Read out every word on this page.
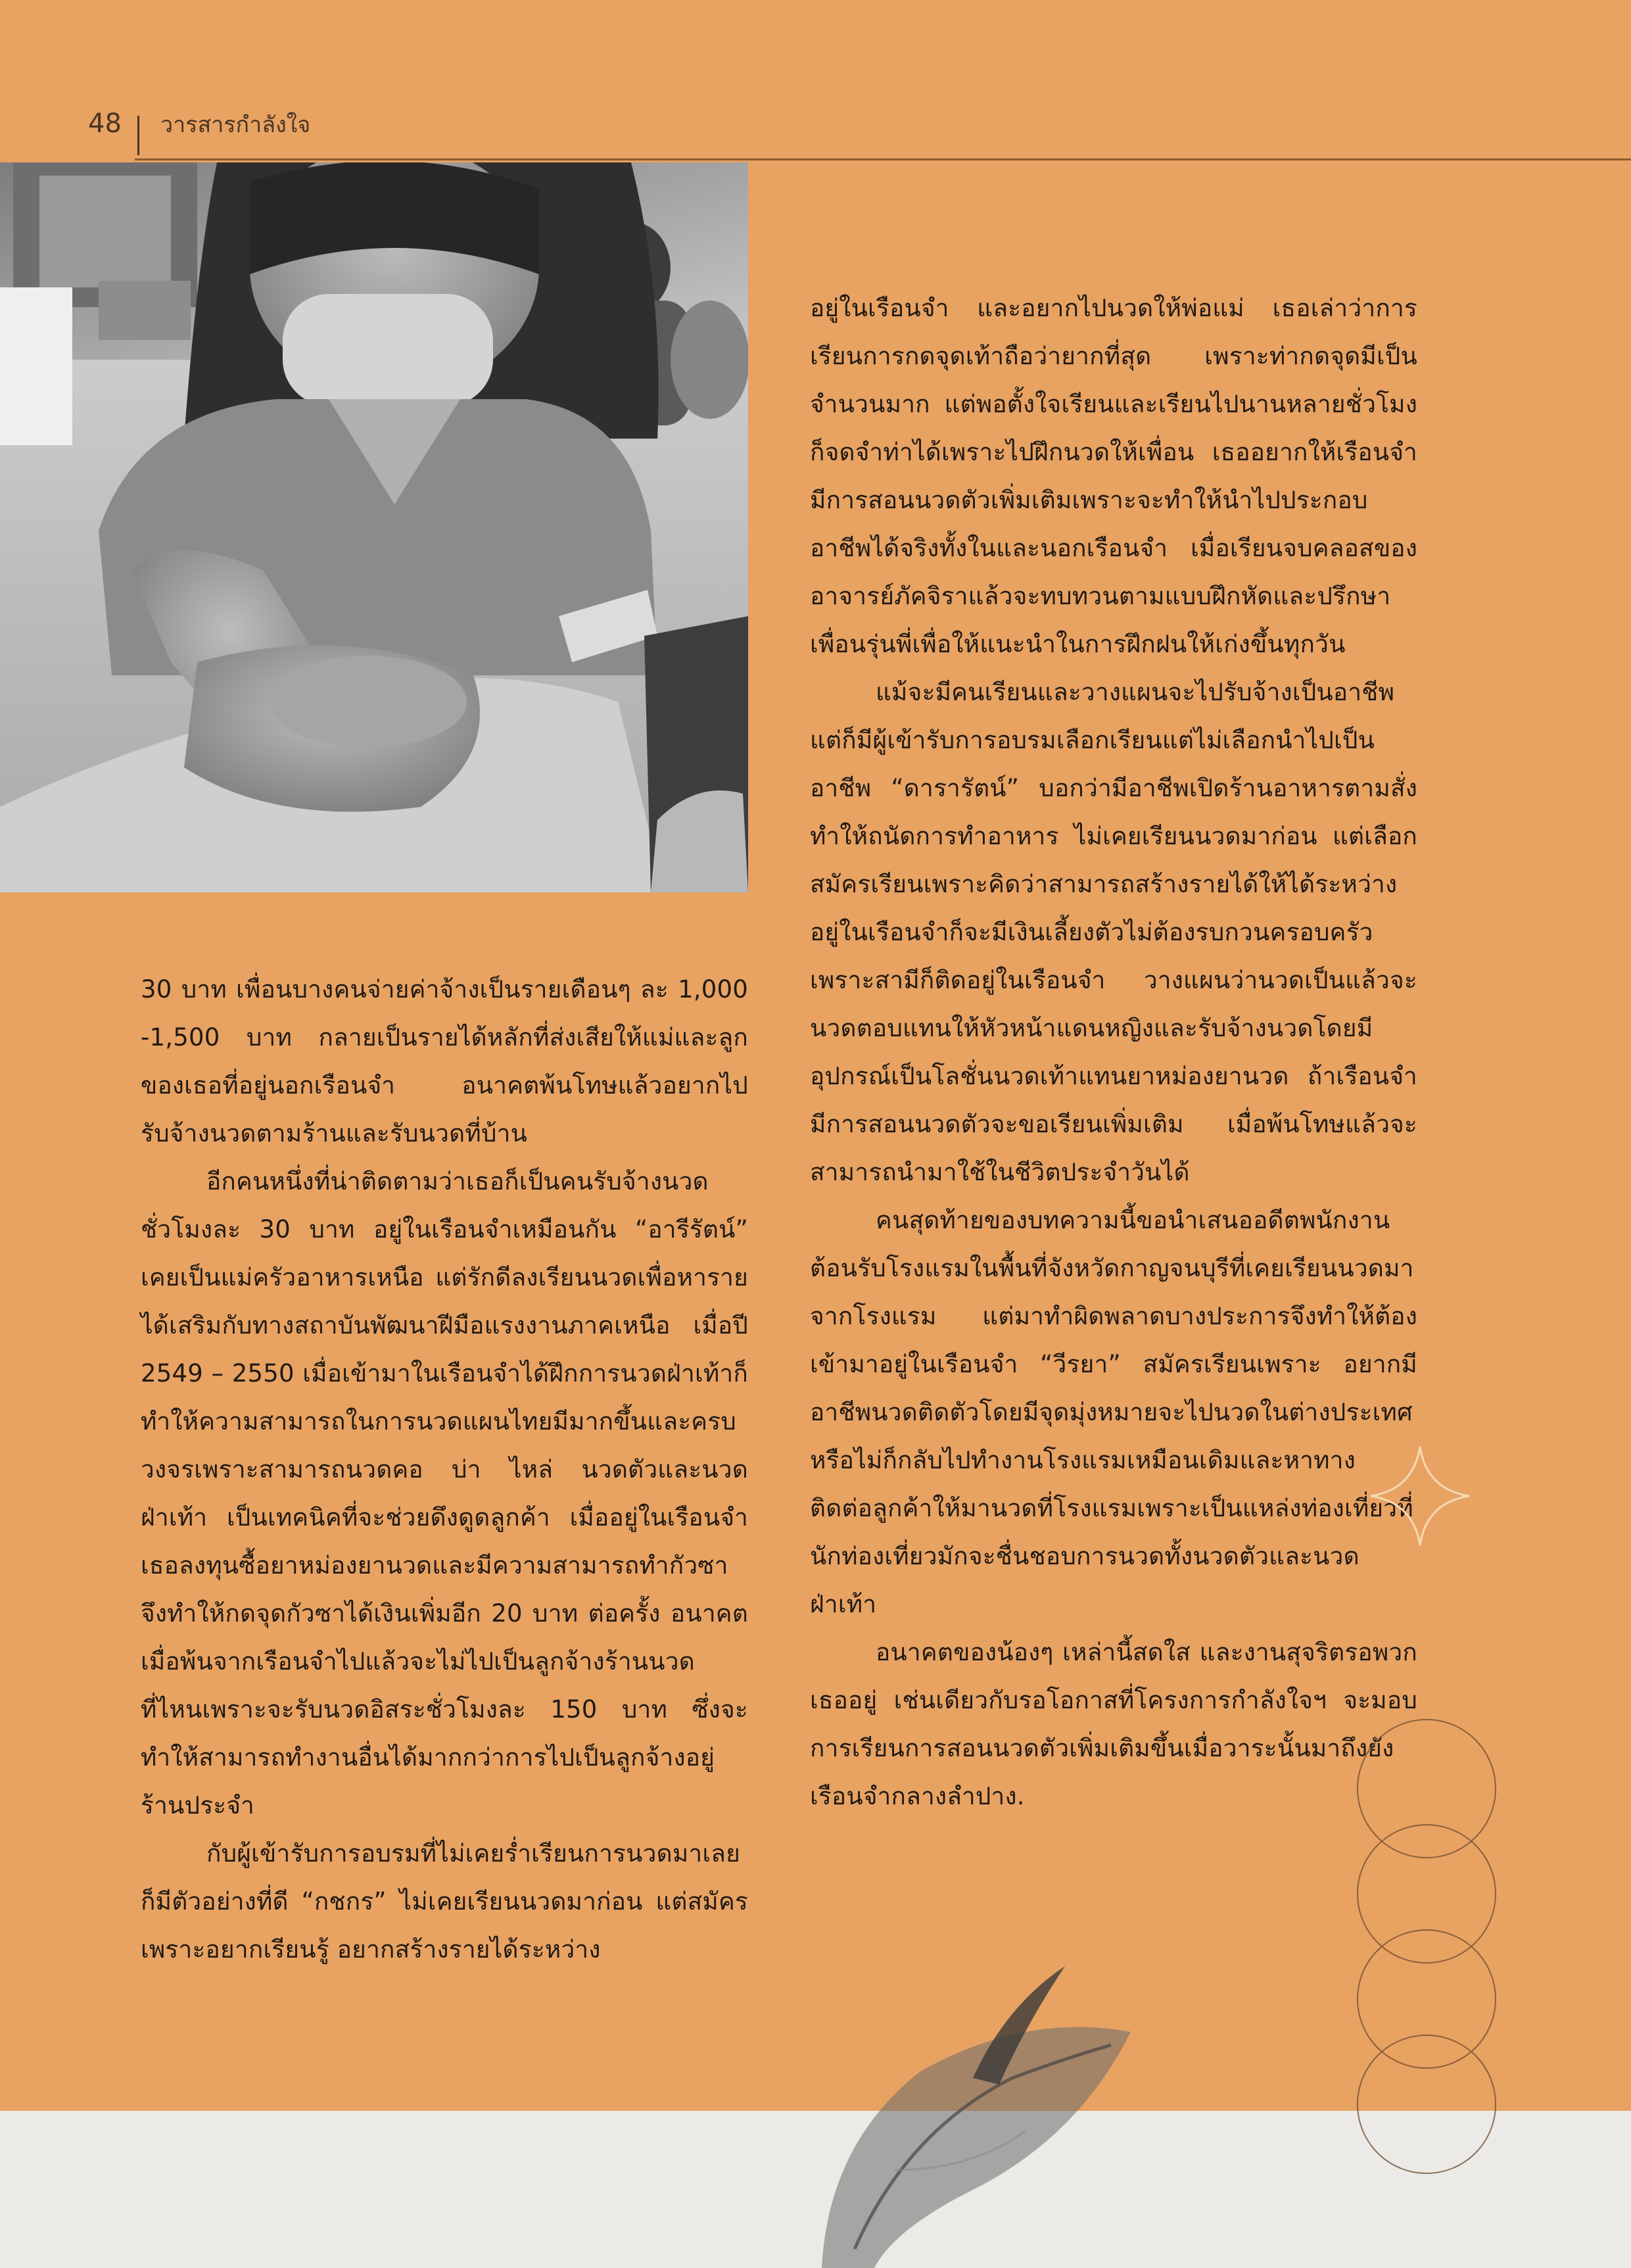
48	วารสารกำลังใจ

30 บาท เพื่อนบางคนจ่ายค่าจ้างเป็นรายเดือนๆ ละ 1,000 -1,500 บาท กลายเป็นรายได้หลักที่ส่งเสียให้แม่และลูกของเธอที่อยู่นอกเรือนจำ อนาคตพ้นโทษแล้วอยากไปรับจ้างนวดตามร้านและรับนวดที่บ้าน

อีกคนหนึ่งที่น่าติดตามว่าเธอก็เป็นคนรับจ้างนวดชั่วโมงละ 30 บาท อยู่ในเรือนจำเหมือนกัน “อารีรัตน์” เคยเป็นแม่ครัวอาหารเหนือ แต่รักดีลงเรียนนวดเพื่อหารายได้เสริมกับทางสถาบันพัฒนาฝีมือแรงงานภาคเหนือ เมื่อปี 2549 – 2550 เมื่อเข้ามาในเรือนจำได้ฝึกการนวดฝ่าเท้าก็ทำให้ความสามารถในการนวดแผนไทยมีมากขึ้นและครบวงจรเพราะสามารถนวดคอ บ่า ไหล่ นวดตัวและนวดฝ่าเท้า เป็นเทคนิคที่จะช่วยดึงดูดลูกค้า เมื่ออยู่ในเรือนจำเธอลงทุนซื้อยาหม่องยานวดและมีความสามารถทำกัวซาจึงทำให้กดจุดกัวซาได้เงินเพิ่มอีก 20 บาท ต่อครั้ง อนาคตเมื่อพ้นจากเรือนจำไปแล้วจะไม่ไปเป็นลูกจ้างร้านนวดที่ไหนเพราะจะรับนวดอิสระชั่วโมงละ 150 บาท ซึ่งจะทำให้สามารถทำงานอื่นได้มากกว่าการไปเป็นลูกจ้างอยู่ร้านประจำ

กับผู้เข้ารับการอบรมที่ไม่เคยร่ำเรียนการนวดมาเลยก็มีตัวอย่างที่ดี “กชกร” ไม่เคยเรียนนวดมาก่อน แต่สมัครเพราะอยากเรียนรู้ อยากสร้างรายได้ระหว่าง

อยู่ในเรือนจำ และอยากไปนวดให้พ่อแม่ เธอเล่าว่าการเรียนการกดจุดเท้าถือว่ายากที่สุด เพราะท่ากดจุดมีเป็นจำนวนมาก แต่พอตั้งใจเรียนและเรียนไปนานหลายชั่วโมงก็จดจำท่าได้เพราะไปฝึกนวดให้เพื่อน เธออยากให้เรือนจำมีการสอนนวดตัวเพิ่มเติมเพราะจะทำให้นำไปประกอบอาชีพได้จริงทั้งในและนอกเรือนจำ เมื่อเรียนจบคลอสของอาจารย์ภัคจิราแล้วจะทบทวนตามแบบฝึกหัดและปรึกษาเพื่อนรุ่นพี่เพื่อให้แนะนำในการฝึกฝนให้เก่งขึ้นทุกวัน

แม้จะมีคนเรียนและวางแผนจะไปรับจ้างเป็นอาชีพ แต่ก็มีผู้เข้ารับการอบรมเลือกเรียนแต่ไม่เลือกนำไปเป็นอาชีพ “ดารารัตน์” บอกว่ามีอาชีพเปิดร้านอาหารตามสั่งทำให้ถนัดการทำอาหาร ไม่เคยเรียนนวดมาก่อน แต่เลือกสมัครเรียนเพราะคิดว่าสามารถสร้างรายได้ให้ได้ระหว่างอยู่ในเรือนจำก็จะมีเงินเลี้ยงตัวไม่ต้องรบกวนครอบครัวเพราะสามีก็ติดอยู่ในเรือนจำ วางแผนว่านวดเป็นแล้วจะนวดตอบแทนให้หัวหน้าแดนหญิงและรับจ้างนวดโดยมีอุปกรณ์เป็นโลชั่นนวดเท้าแทนยาหม่องยานวด ถ้าเรือนจำมีการสอนนวดตัวจะขอเรียนเพิ่มเติม เมื่อพ้นโทษแล้วจะสามารถนำมาใช้ในชีวิตประจำวันได้

คนสุดท้ายของบทความนี้ขอนำเสนออดีตพนักงานต้อนรับโรงแรมในพื้นที่จังหวัดกาญจนบุรีที่เคยเรียนนวดมาจากโรงแรม แต่มาทำผิดพลาดบางประการจึงทำให้ต้องเข้ามาอยู่ในเรือนจำ “วีรยา” สมัครเรียนเพราะ อยากมีอาชีพนวดติดตัวโดยมีจุดมุ่งหมายจะไปนวดในต่างประเทศ หรือไม่ก็กลับไปทำงานโรงแรมเหมือนเดิมและหาทางติดต่อลูกค้าให้มานวดที่โรงแรมเพราะเป็นแหล่งท่องเที่ยวที่นักท่องเที่ยวมักจะชื่นชอบการนวดทั้งนวดตัวและนวดฝ่าเท้า

อนาคตของน้องๆ เหล่านี้สดใส และงานสุจริตรอพวกเธออยู่ เช่นเดียวกับรอโอกาสที่โครงการกำลังใจฯ จะมอบการเรียนการสอนนวดตัวเพิ่มเติมขึ้นเมื่อวาระนั้นมาถึงยังเรือนจำกลางลำปาง.
